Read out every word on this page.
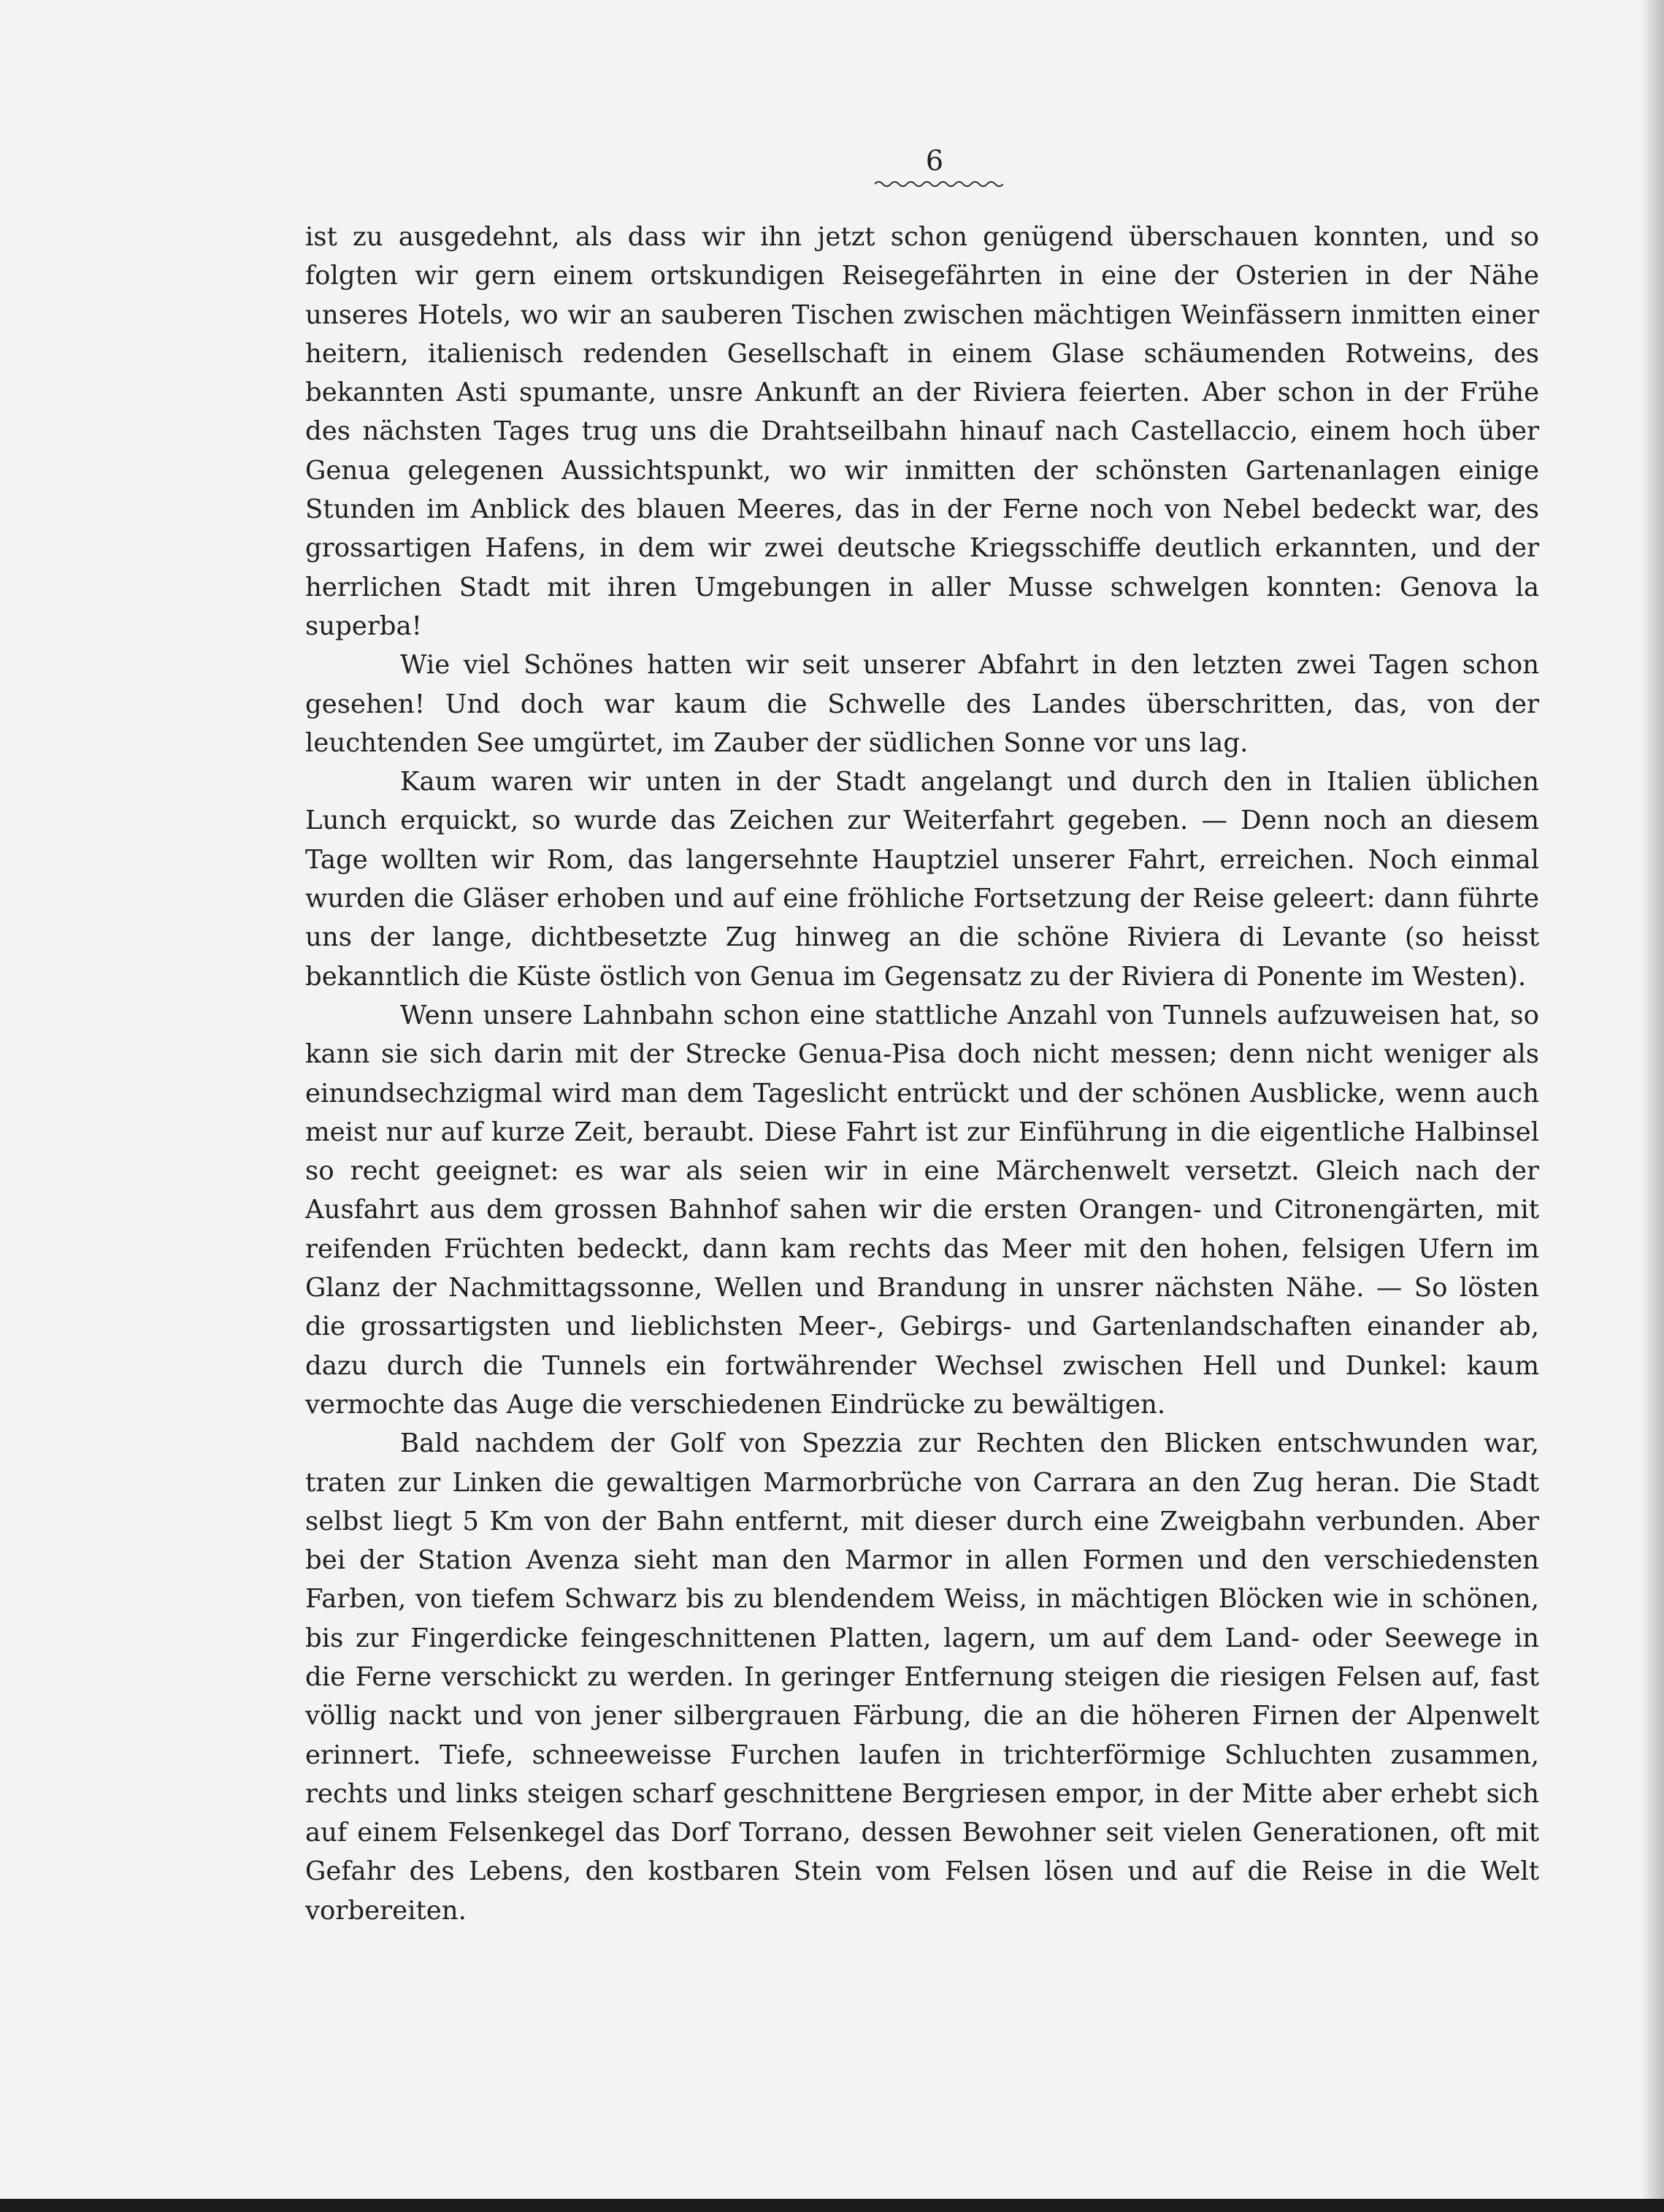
6

ist zu ausgedehnt, als dass wir ihn jetzt schon genügend überschauen konnten, und so folgten wir gern einem ortskundigen Reisegefährten in eine der Osterien in der Nähe unseres Hotels, wo wir an sauberen Tischen zwischen mächtigen Weinfässern inmitten einer heitern, italienisch redenden Gesellschaft in einem Glase schäumenden Rotweins, des bekannten Asti spumante, unsre Ankunft an der Riviera feierten. Aber schon in der Frühe des nächsten Tages trug uns die Drahtseilbahn hinauf nach Castellaccio, einem hoch über Genua gelegenen Aussichtspunkt, wo wir inmitten der schönsten Gartenanlagen einige Stunden im Anblick des blauen Meeres, das in der Ferne noch von Nebel bedeckt war, des grossartigen Hafens, in dem wir zwei deutsche Kriegsschiffe deutlich erkannten, und der herrlichen Stadt mit ihren Umgebungen in aller Musse schwelgen konnten: Genova la superba!

Wie viel Schönes hatten wir seit unserer Abfahrt in den letzten zwei Tagen schon gesehen! Und doch war kaum die Schwelle des Landes überschritten, das, von der leuchtenden See umgürtet, im Zauber der südlichen Sonne vor uns lag.

Kaum waren wir unten in der Stadt angelangt und durch den in Italien üblichen Lunch erquickt, so wurde das Zeichen zur Weiterfahrt gegeben. — Denn noch an diesem Tage wollten wir Rom, das langersehnte Hauptziel unserer Fahrt, erreichen. Noch einmal wurden die Gläser erhoben und auf eine fröhliche Fortsetzung der Reise geleert: dann führte uns der lange, dichtbesetzte Zug hinweg an die schöne Riviera di Levante (so heisst bekanntlich die Küste östlich von Genua im Gegensatz zu der Riviera di Ponente im Westen).

Wenn unsere Lahnbahn schon eine stattliche Anzahl von Tunnels aufzuweisen hat, so kann sie sich darin mit der Strecke Genua-Pisa doch nicht messen; denn nicht weniger als einundsechzigmal wird man dem Tageslicht entrückt und der schönen Ausblicke, wenn auch meist nur auf kurze Zeit, beraubt. Diese Fahrt ist zur Einführung in die eigentliche Halbinsel so recht geeignet: es war als seien wir in eine Märchenwelt versetzt. Gleich nach der Ausfahrt aus dem grossen Bahnhof sahen wir die ersten Orangen- und Citronengärten, mit reifenden Früchten bedeckt, dann kam rechts das Meer mit den hohen, felsigen Ufern im Glanz der Nachmittagssonne, Wellen und Brandung in unsrer nächsten Nähe. — So lösten die grossartigsten und lieblichsten Meer-, Gebirgs- und Gartenlandschaften einander ab, dazu durch die Tunnels ein fortwährender Wechsel zwischen Hell und Dunkel: kaum vermochte das Auge die verschiedenen Eindrücke zu bewältigen.

Bald nachdem der Golf von Spezzia zur Rechten den Blicken entschwunden war, traten zur Linken die gewaltigen Marmorbrüche von Carrara an den Zug heran. Die Stadt selbst liegt 5 Km von der Bahn entfernt, mit dieser durch eine Zweigbahn verbunden. Aber bei der Station Avenza sieht man den Marmor in allen Formen und den verschiedensten Farben, von tiefem Schwarz bis zu blendendem Weiss, in mächtigen Blöcken wie in schönen, bis zur Fingerdicke feingeschnittenen Platten, lagern, um auf dem Land- oder Seewege in die Ferne verschickt zu werden. In geringer Entfernung steigen die riesigen Felsen auf, fast völlig nackt und von jener silbergrauen Färbung, die an die höheren Firnen der Alpenwelt erinnert. Tiefe, schneeweisse Furchen laufen in trichterförmige Schluchten zusammen, rechts und links steigen scharf geschnittene Bergriesen empor, in der Mitte aber erhebt sich auf einem Felsenkegel das Dorf Torrano, dessen Bewohner seit vielen Generationen, oft mit Gefahr des Lebens, den kostbaren Stein vom Felsen lösen und auf die Reise in die Welt vorbereiten.
